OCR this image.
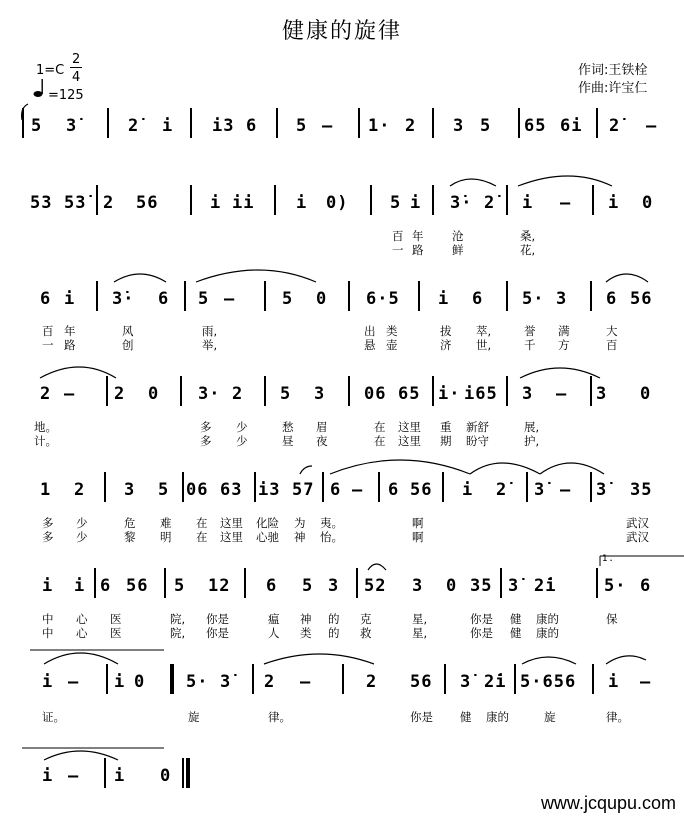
健康的旋律
1=C
2
4
=125
作词:王铁栓
作曲:许宝仁
5 3̇	2̇ i i3 6 5 – 1· 2 3 5 65 6i 2̇ –
53 53̇ 2 56	i ii i 0) 5 i 3̇· 2̇ i – i 0
百 年 沧	桑,
一 路 鲜	花,
6 i 3̇· 6 5 –	5 0 6·5 i 6 5· 3 6 56
百 年	风	雨,	出 类	拔 萃,	誉 满	大
一 路	创	举,	悬 壶	济 世,	千 方	百
2 – 2 0 3· 2 5 3 06 65 i· i65 3 – 3 0
地。	多 少	愁 眉	在 这里 重 新舒	展,
计。	多 少	昼 夜	在 这里 期 盼守	护,
1 2 3 5 06 63 i3 57 6 – 6 56 i 2̇ 3̇ – 3̇ 35
多 少	危 难 在 这里 化险 为 夷。	啊	武汉
多 少	黎 明 在 这里 心驰 神 怡。	啊	武汉
i i 6 56 5 12 6 5 3 52 3 0 35 3̇ 2̇i
1.
5· 6
中 心 医	院, 你是	瘟 神 的 克	星,	你是 健 康的	保
中 心 医	院, 你是	人 类 的 救	星,	你是 健 康的
i – i 0 5· 3̇ 2 –	2 56 3̇ 2̇i 5·656 i –
证。	旋	律。	你是 健 康的	旋	律。
i – i 0
www.jcqupu.com
